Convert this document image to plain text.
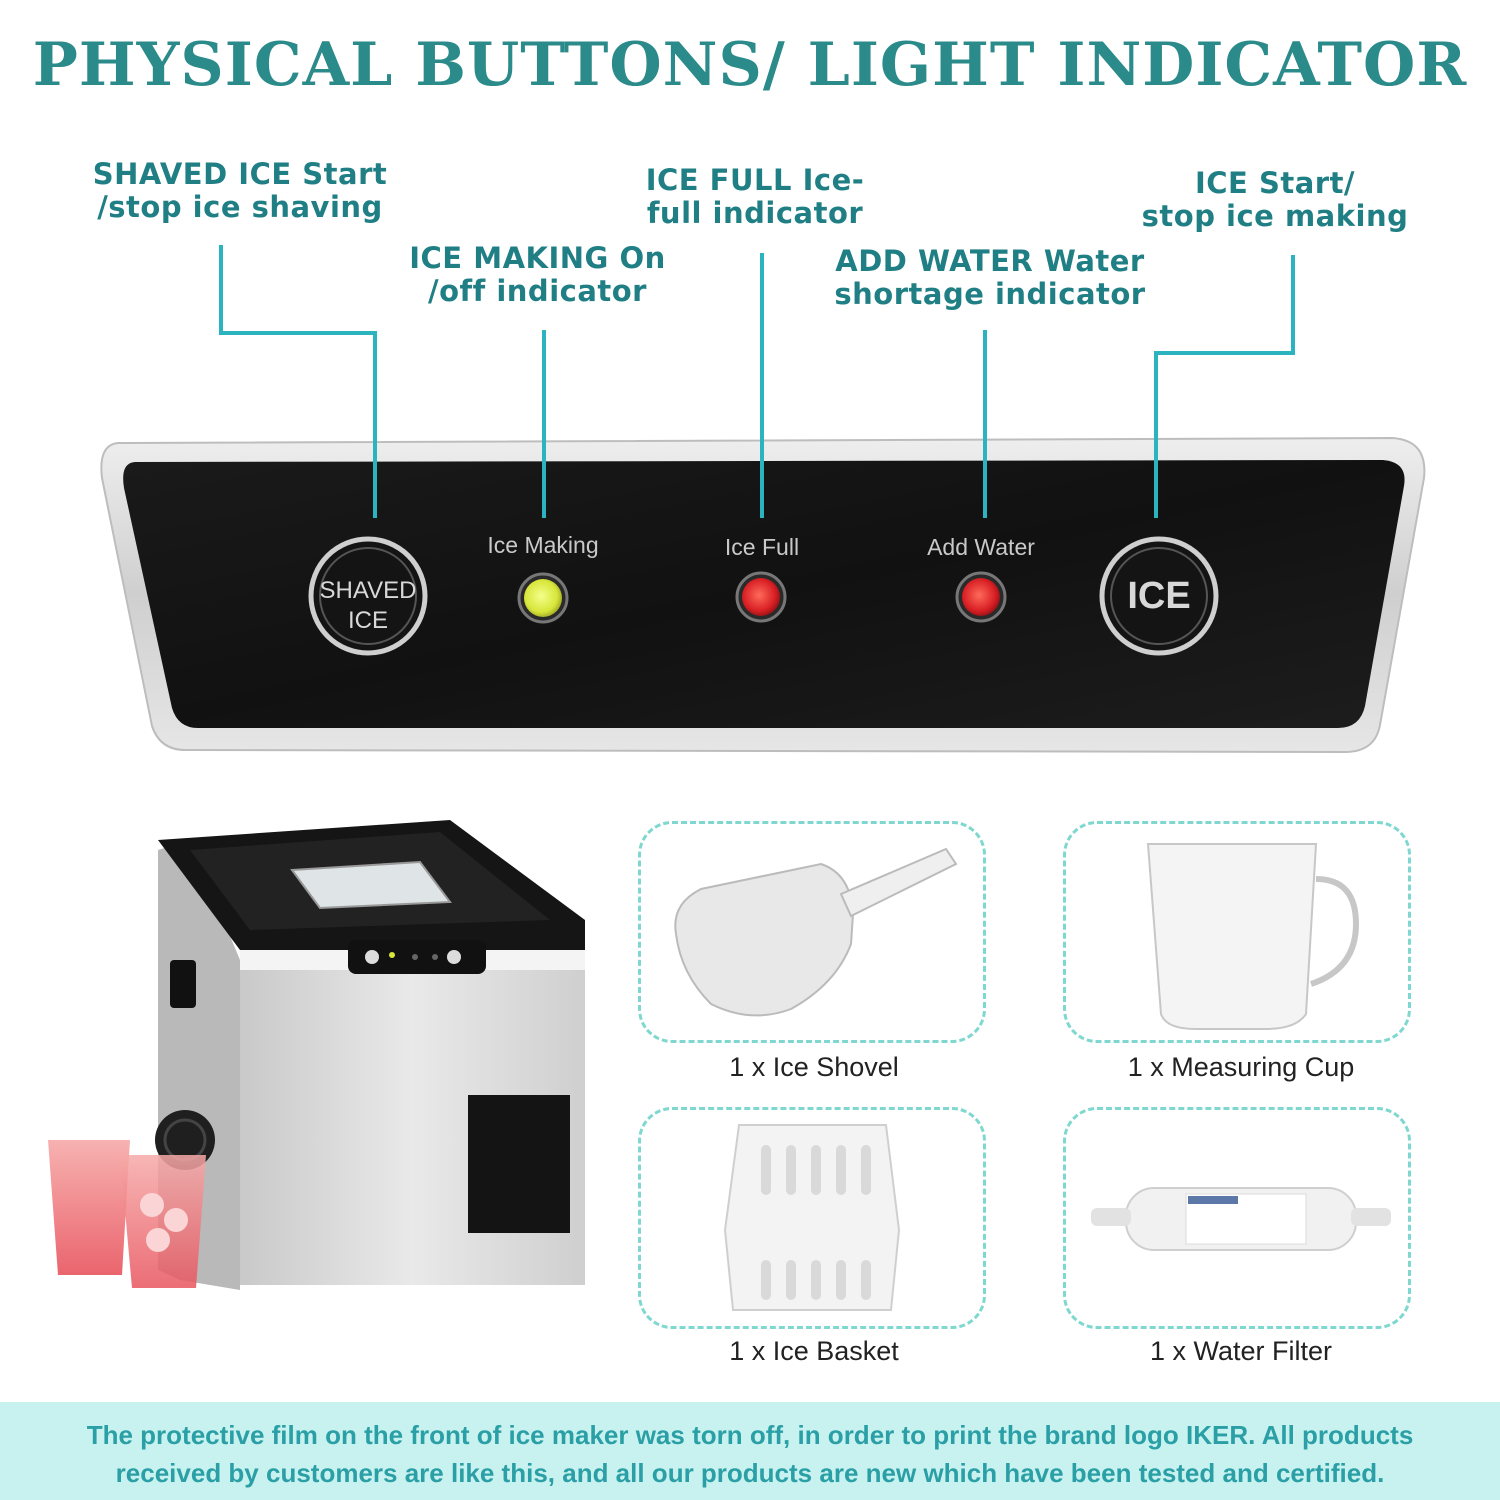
PHYSICAL BUTTONS/ LIGHT INDICATOR
SHAVED ICE Start
/stop ice shaving
ICE MAKING On
/off indicator
ICE FULL Ice-
full indicator
ADD WATER Water
shortage indicator
ICE Start/
stop ice making
SHAVED
ICE
Ice Making	Ice Full	Add Water
ICE
1 x Ice Shovel	1 x Measuring Cup
1 x Ice Basket	1 x Water Filter
The protective film on the front of ice maker was torn off, in order to print the brand logo IKER. All products
received by customers are like this, and all our products are new which have been tested and certified.
